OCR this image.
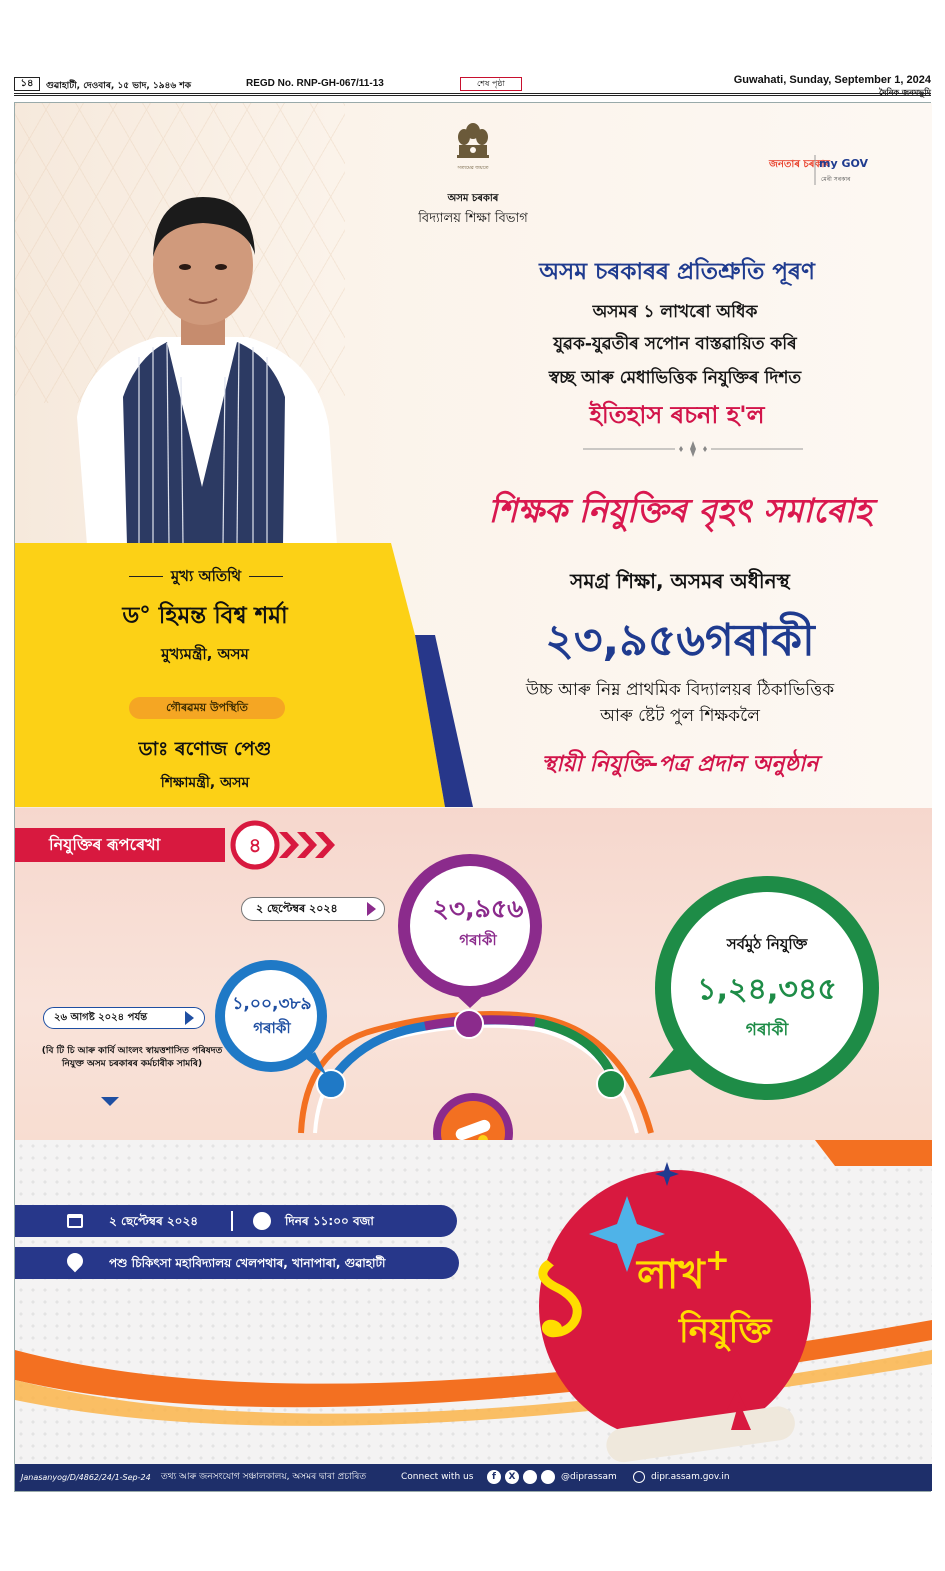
১৪	গুৱাহাটী, দেওবাৰ, ১৫ ভাদ, ১৯৪৬ শক	REGD No. RNP-GH-067/11-13	শেষ পৃষ্ঠা	Guwahati, Sunday, September 1, 2024
দৈনিক জনমভূমি
সত্যমেৱ জয়তে
অসম চৰকাৰ
বিদ্যালয় শিক্ষা বিভাগ
জনতাৰ চৰকাৰ
my GOV
মেৰী সৰকাৰ
অসম চৰকাৰৰ প্ৰতিশ্ৰুতি পূৰণ
অসমৰ ১ লাখৰো অধিক
যুৱক-যুৱতীৰ সপোন বাস্তৱায়িত কৰি
স্বচ্ছ আৰু মেধাভিত্তিক নিযুক্তিৰ দিশত
ইতিহাস ৰচনা হ'ল
শিক্ষক নিযুক্তিৰ বৃহৎ সমাৰোহ
সমগ্ৰ শিক্ষা, অসমৰ অধীনস্থ
২৩,৯৫৬গৰাকী
উচ্চ আৰু নিম্ন প্ৰাথমিক বিদ্যালয়ৰ ঠিকাভিত্তিক
আৰু ষ্টেট পুল শিক্ষকলৈ
স্থায়ী নিযুক্তি-পত্ৰ প্ৰদান অনুষ্ঠান
মুখ্য অতিথি
ড° হিমন্ত বিশ্ব শৰ্মা
মুখ্যমন্ত্ৰী, অসম
গৌৰৱময় উপস্থিতি
ডাঃ ৰণোজ পেগু
শিক্ষামন্ত্ৰী, অসম
৪
নিযুক্তিৰ ৰূপৰেখা
১,০০,৩৮৯
গৰাকী
২৩,৯৫৬
গৰাকী	সৰ্বমুঠ নিযুক্তি
১,২৪,৩৪৫
গৰাকী
২ ছেপ্টেম্বৰ ২০২৪
২৬ আগষ্ট ২০২৪ পৰ্যন্ত
(বি টি চি আৰু কাৰ্বি আংলং স্বায়ত্তশাসিত পৰিষদত নিযুক্ত অসম চৰকাৰৰ কৰ্মচাৰীক সামৰি)
১ লাখ+
নিযুক্তি
২ ছেপ্টেম্বৰ ২০২৪	দিনৰ ১১:০০ বজা
পশু চিকিৎসা মহাবিদ্যালয় খেলপথাৰ, খানাপাৰা, গুৱাহাটী
Janasanyog/D/4862/24/1-Sep-24 তথ্য আৰু জনসংযোগ সঞ্চালকালয়, অসমৰ দ্বাৰা প্ৰচাৰিত	Connect with us	f	X	@diprassam	dipr.assam.gov.in
